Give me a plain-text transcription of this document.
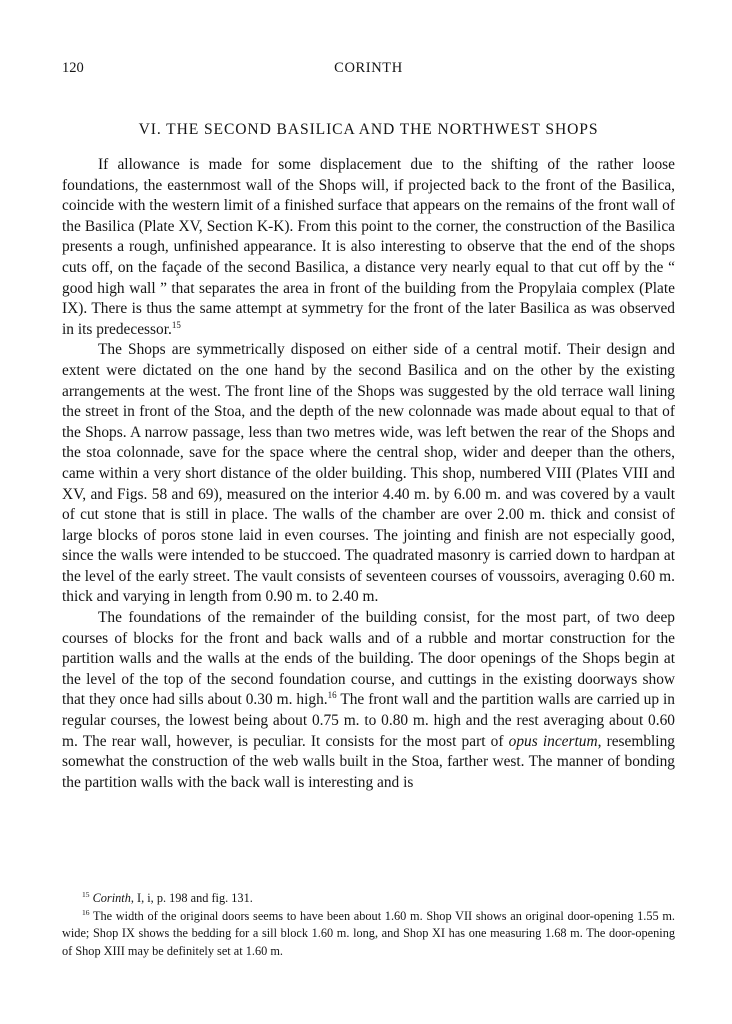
120	CORINTH
VI. THE SECOND BASILICA AND THE NORTHWEST SHOPS

If allowance is made for some displacement due to the shifting of the rather loose foundations, the easternmost wall of the Shops will, if projected back to the front of the Basilica, coincide with the western limit of a finished surface that appears on the remains of the front wall of the Basilica (Plate XV, Section K-K). From this point to the corner, the construction of the Basilica presents a rough, unfinished appearance. It is also interesting to observe that the end of the shops cuts off, on the façade of the second Basilica, a distance very nearly equal to that cut off by the “ good high wall ” that separates the area in front of the building from the Propylaia complex (Plate IX). There is thus the same attempt at symmetry for the front of the later Basilica as was observed in its predecessor.$^{15}$

The Shops are symmetrically disposed on either side of a central motif. Their design and extent were dictated on the one hand by the second Basilica and on the other by the existing arrangements at the west. The front line of the Shops was suggested by the old terrace wall lining the street in front of the Stoa, and the depth of the new colonnade was made about equal to that of the Shops. A narrow passage, less than two metres wide, was left betwen the rear of the Shops and the stoa colonnade, save for the space where the central shop, wider and deeper than the others, came within a very short distance of the older building. This shop, numbered VIII (Plates VIII and XV, and Figs. 58 and 69), measured on the interior 4.40 m. by 6.00 m. and was covered by a vault of cut stone that is still in place. The walls of the chamber are over 2.00 m. thick and consist of large blocks of poros stone laid in even courses. The jointing and finish are not especially good, since the walls were intended to be stuccoed. The quadrated masonry is carried down to hardpan at the level of the early street. The vault consists of seventeen courses of voussoirs, averaging 0.60 m. thick and varying in length from 0.90 m. to 2.40 m.

The foundations of the remainder of the building consist, for the most part, of two deep courses of blocks for the front and back walls and of a rubble and mortar construction for the partition walls and the walls at the ends of the building. The door openings of the Shops begin at the level of the top of the second foundation course, and cuttings in the existing doorways show that they once had sills about 0.30 m. high.$^{16}$ The front wall and the partition walls are carried up in regular courses, the lowest being about 0.75 m. to 0.80 m. high and the rest averaging about 0.60 m. The rear wall, however, is peculiar. It consists for the most part of opus incertum, resembling somewhat the construction of the web walls built in the Stoa, farther west. The manner of bonding the partition walls with the back wall is interesting and is

$^{15}$ Corinth, I, i, p. 198 and fig. 131.

$^{16}$ The width of the original doors seems to have been about 1.60 m. Shop VII shows an original door-opening 1.55 m. wide; Shop IX shows the bedding for a sill block 1.60 m. long, and Shop XI has one measuring 1.68 m. The door-opening of Shop XIII may be definitely set at 1.60 m.
